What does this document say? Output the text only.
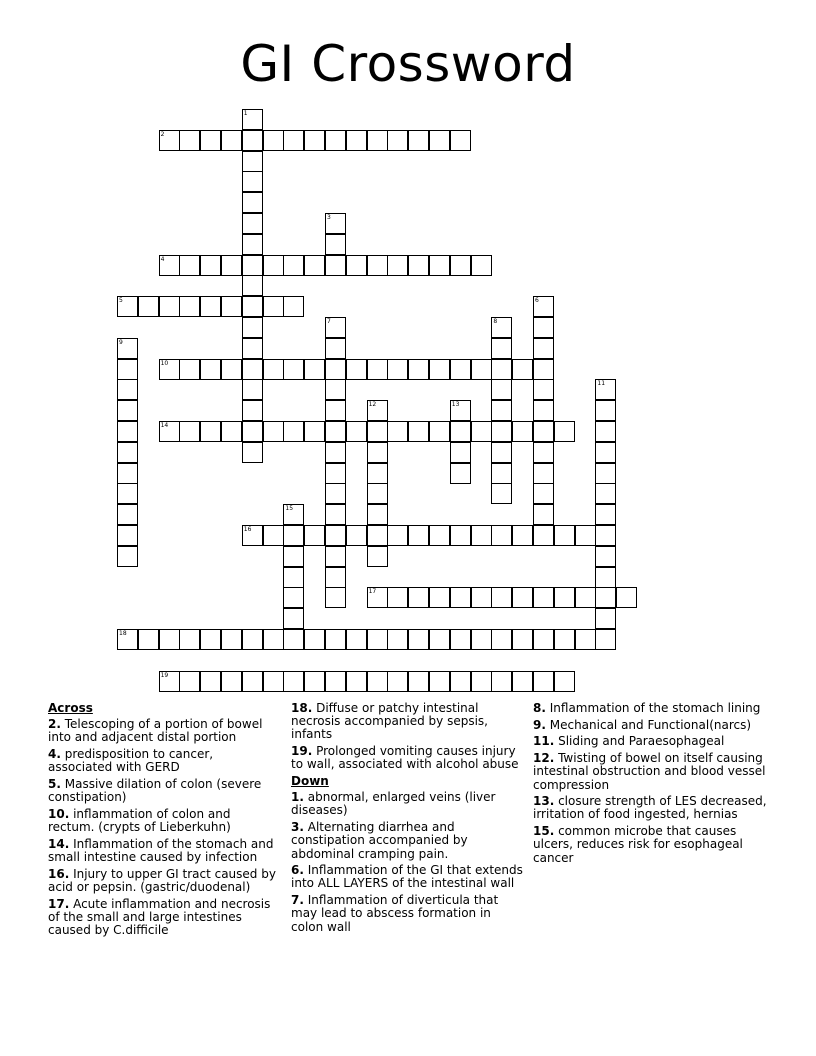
GI Crossword
1
2
3
4
5	6
7	8
9
10
11
12	13
14
15
16
17
18
19

Across

2. Telescoping of a portion of bowel into and adjacent distal portion

4. predisposition to cancer, associated with GERD

5. Massive dilation of colon (severe constipation)

10. inflammation of colon and rectum. (crypts of Lieberkuhn)

14. Inflammation of the stomach and small intestine caused by infection

16. Injury to upper GI tract caused by acid or pepsin. (gastric/duodenal)

17. Acute inflammation and necrosis of the small and large intestines caused by C.difficile

18. Diffuse or patchy intestinal necrosis accompanied by sepsis, infants

19. Prolonged vomiting causes injury to wall, associated with alcohol abuse

Down

1. abnormal, enlarged veins (liver diseases)

3. Alternating diarrhea and constipation accompanied by abdominal cramping pain.

6. Inflammation of the GI that extends into ALL LAYERS of the intestinal wall

7. Inflammation of diverticula that may lead to abscess formation in colon wall

8. Inflammation of the stomach lining

9. Mechanical and Functional(narcs)

11. Sliding and Paraesophageal

12. Twisting of bowel on itself causing intestinal obstruction and blood vessel compression

13. closure strength of LES decreased, irritation of food ingested, hernias

15. common microbe that causes ulcers, reduces risk for esophageal cancer
